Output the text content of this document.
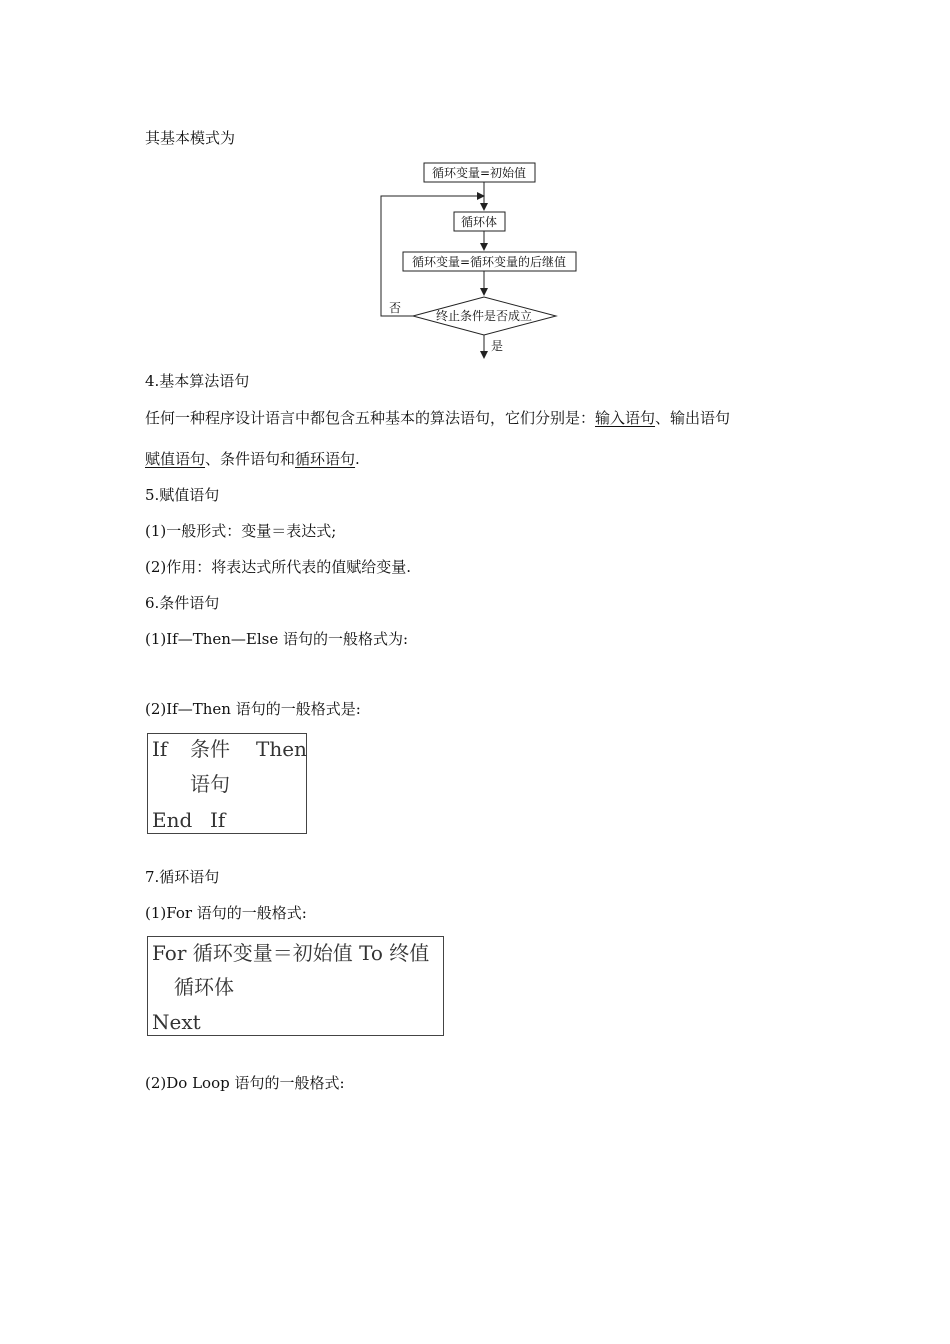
其基本模式为
循环变量=初始值
循环体
循环变量=循环变量的后继值
终止条件是否成立
否
是
4.基本算法语句
任何一种程序设计语言中都包含五种基本的算法语句，它们分别是：输入语句、输出语句
赋值语句、条件语句和循环语句.
5.赋值语句
(1)一般形式：变量＝表达式;
(2)作用：将表达式所代表的值赋给变量.
6.条件语句
(1)If—Then—Else 语句的一般格式为:
(2)If—Then 语句的一般格式是:
If 条件 Then
语句
End If
7.循环语句
(1)For 语句的一般格式:
For 循环变量＝初始值 To 终值
循环体
Next
(2)Do Loop 语句的一般格式:
